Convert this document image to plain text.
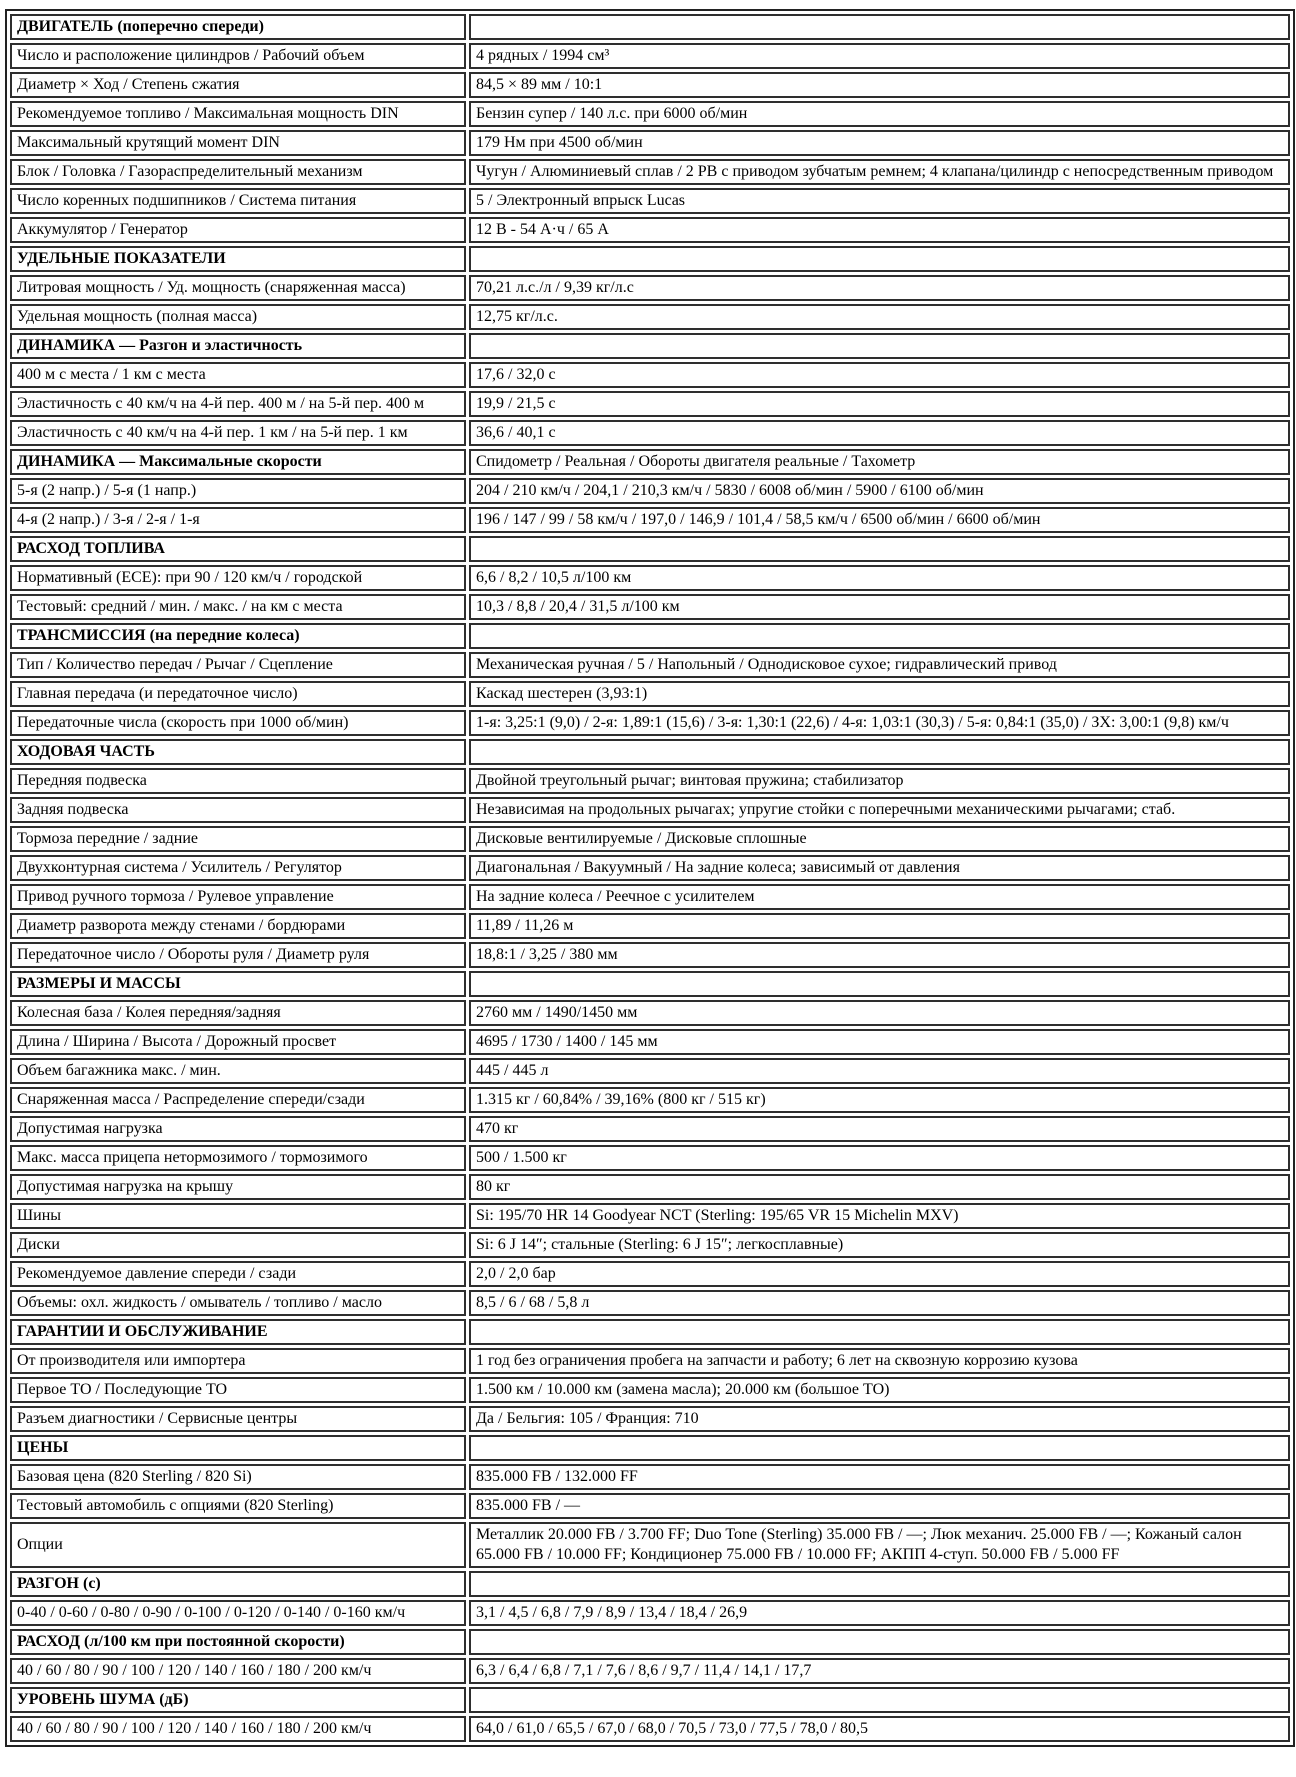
ДВИГАТЕЛЬ (поперечно спереди)	
Число и расположение цилиндров / Рабочий объем	4 рядных / 1994 см³
Диаметр × Ход / Степень сжатия	84,5 × 89 мм / 10:1
Рекомендуемое топливо / Максимальная мощность DIN	Бензин супер / 140 л.с. при 6000 об/мин
Максимальный крутящий момент DIN	179 Нм при 4500 об/мин
Блок / Головка / Газораспределительный механизм	Чугун / Алюминиевый сплав / 2 РВ с приводом зубчатым ремнем; 4 клапана/цилиндр с непосредственным приводом
Число коренных подшипников / Система питания	5 / Электронный впрыск Lucas
Аккумулятор / Генератор	12 В - 54 А·ч / 65 А
УДЕЛЬНЫЕ ПОКАЗАТЕЛИ	
Литровая мощность / Уд. мощность (снаряженная масса)	70,21 л.с./л / 9,39 кг/л.с
Удельная мощность (полная масса)	12,75 кг/л.с.
ДИНАМИКА — Разгон и эластичность	
400 м с места / 1 км с места	17,6 / 32,0 с
Эластичность с 40 км/ч на 4-й пер. 400 м / на 5-й пер. 400 м	19,9 / 21,5 с
Эластичность с 40 км/ч на 4-й пер. 1 км / на 5-й пер. 1 км	36,6 / 40,1 с
ДИНАМИКА — Максимальные скорости	Спидометр / Реальная / Обороты двигателя реальные / Тахометр
5-я (2 напр.) / 5-я (1 напр.)	204 / 210 км/ч / 204,1 / 210,3 км/ч / 5830 / 6008 об/мин / 5900 / 6100 об/мин
4-я (2 напр.) / 3-я / 2-я / 1-я	196 / 147 / 99 / 58 км/ч / 197,0 / 146,9 / 101,4 / 58,5 км/ч / 6500 об/мин / 6600 об/мин
РАСХОД ТОПЛИВА	
Нормативный (ЕСЕ): при 90 / 120 км/ч / городской	6,6 / 8,2 / 10,5 л/100 км
Тестовый: средний / мин. / макс. / на км с места	10,3 / 8,8 / 20,4 / 31,5 л/100 км
ТРАНСМИССИЯ (на передние колеса)	
Тип / Количество передач / Рычаг / Сцепление	Механическая ручная / 5 / Напольный / Однодисковое сухое; гидравлический привод
Главная передача (и передаточное число)	Каскад шестерен (3,93:1)
Передаточные числа (скорость при 1000 об/мин)	1-я: 3,25:1 (9,0) / 2-я: 1,89:1 (15,6) / 3-я: 1,30:1 (22,6) / 4-я: 1,03:1 (30,3) / 5-я: 0,84:1 (35,0) / ЗХ: 3,00:1 (9,8) км/ч
ХОДОВАЯ ЧАСТЬ	
Передняя подвеска	Двойной треугольный рычаг; винтовая пружина; стабилизатор
Задняя подвеска	Независимая на продольных рычагах; упругие стойки с поперечными механическими рычагами; стаб.
Тормоза передние / задние	Дисковые вентилируемые / Дисковые сплошные
Двухконтурная система / Усилитель / Регулятор	Диагональная / Вакуумный / На задние колеса; зависимый от давления
Привод ручного тормоза / Рулевое управление	На задние колеса / Реечное с усилителем
Диаметр разворота между стенами / бордюрами	11,89 / 11,26 м
Передаточное число / Обороты руля / Диаметр руля	18,8:1 / 3,25 / 380 мм
РАЗМЕРЫ И МАССЫ	
Колесная база / Колея передняя/задняя	2760 мм / 1490/1450 мм
Длина / Ширина / Высота / Дорожный просвет	4695 / 1730 / 1400 / 145 мм
Объем багажника макс. / мин.	445 / 445 л
Снаряженная масса / Распределение спереди/сзади	1.315 кг / 60,84% / 39,16% (800 кг / 515 кг)
Допустимая нагрузка	470 кг
Макс. масса прицепа нетормозимого / тормозимого	500 / 1.500 кг
Допустимая нагрузка на крышу	80 кг
Шины	Si: 195/70 HR 14 Goodyear NCT (Sterling: 195/65 VR 15 Michelin MXV)
Диски	Si: 6 J 14″; стальные (Sterling: 6 J 15″; легкосплавные)
Рекомендуемое давление спереди / сзади	2,0 / 2,0 бар
Объемы: охл. жидкость / омыватель / топливо / масло	8,5 / 6 / 68 / 5,8 л
ГАРАНТИИ И ОБСЛУЖИВАНИЕ	
От производителя или импортера	1 год без ограничения пробега на запчасти и работу; 6 лет на сквозную коррозию кузова
Первое ТО / Последующие ТО	1.500 км / 10.000 км (замена масла); 20.000 км (большое ТО)
Разъем диагностики / Сервисные центры	Да / Бельгия: 105 / Франция: 710
ЦЕНЫ	
Базовая цена (820 Sterling / 820 Si)	835.000 FB / 132.000 FF
Тестовый автомобиль с опциями (820 Sterling)	835.000 FB / —
Опции	Металлик 20.000 FB / 3.700 FF; Duo Tone (Sterling) 35.000 FB / —; Люк механич. 25.000 FB / —; Кожаный салон 65.000 FB / 10.000 FF; Кондиционер 75.000 FB / 10.000 FF; АКПП 4-ступ. 50.000 FB / 5.000 FF
РАЗГОН (с)	
0-40 / 0-60 / 0-80 / 0-90 / 0-100 / 0-120 / 0-140 / 0-160 км/ч	3,1 / 4,5 / 6,8 / 7,9 / 8,9 / 13,4 / 18,4 / 26,9
РАСХОД (л/100 км при постоянной скорости)	
40 / 60 / 80 / 90 / 100 / 120 / 140 / 160 / 180 / 200 км/ч	6,3 / 6,4 / 6,8 / 7,1 / 7,6 / 8,6 / 9,7 / 11,4 / 14,1 / 17,7
УРОВЕНЬ ШУМА (дБ)	
40 / 60 / 80 / 90 / 100 / 120 / 140 / 160 / 180 / 200 км/ч	64,0 / 61,0 / 65,5 / 67,0 / 68,0 / 70,5 / 73,0 / 77,5 / 78,0 / 80,5
